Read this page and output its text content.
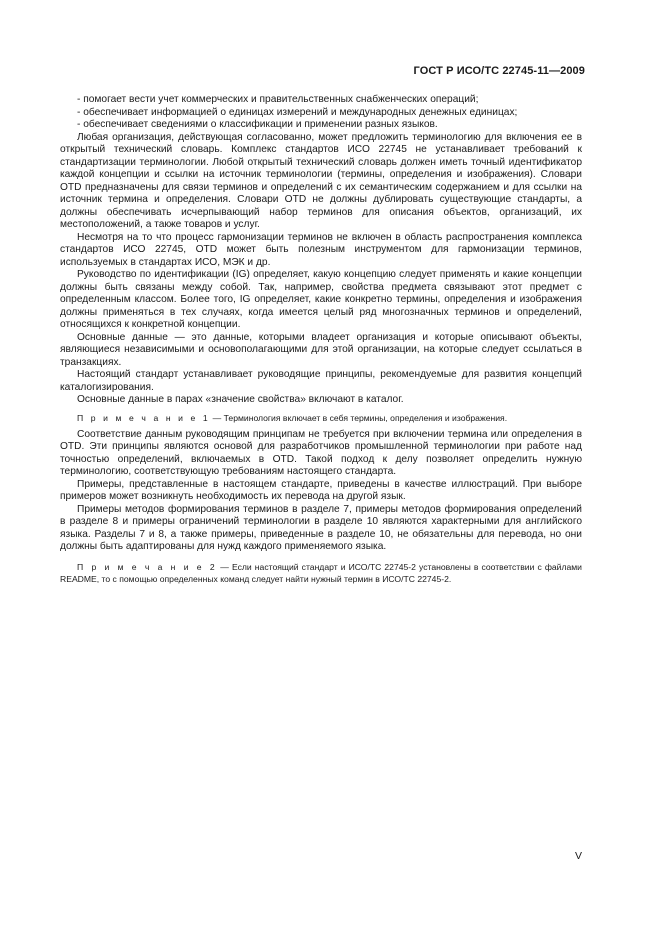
ГОСТ Р ИСО/ТС 22745-11—2009

- помогает вести учет коммерческих и правительственных снабженческих операций;

- обеспечивает информацией о единицах измерений и международных денежных единицах;

- обеспечивает сведениями о классификации и применении разных языков.

Любая организация, действующая согласованно, может предложить терминологию для включения ее в открытый технический словарь. Комплекс стандартов ИСО 22745 не устанавливает требований к стандартизации терминологии. Любой открытый технический словарь должен иметь точный идентификатор каждой концепции и ссылки на источник терминологии (термины, определения и изображения). Словари OTD предназначены для связи терминов и определений с их семантическим содержанием и для ссылки на источник термина и определения. Словари OTD не должны дублировать существующие стандарты, а должны обеспечивать исчерпывающий набор терминов для описания объектов, организаций, их местоположений, а также товаров и услуг.

Несмотря на то что процесс гармонизации терминов не включен в область распространения комплекса стандартов ИСО 22745, OTD может быть полезным инструментом для гармонизации терминов, используемых в стандартах ИСО, МЭК и др.

Руководство по идентификации (IG) определяет, какую концепцию следует применять и какие концепции должны быть связаны между собой. Так, например, свойства предмета связывают этот предмет с определенным классом. Более того, IG определяет, какие конкретно термины, определения и изображения должны применяться в тех случаях, когда имеется целый ряд многозначных терминов и определений, относящихся к конкретной концепции.

Основные данные — это данные, которыми владеет организация и которые описывают объекты, являющиеся независимыми и основополагающими для этой организации, на которые следует ссылаться в транзакциях.

Настоящий стандарт устанавливает руководящие принципы, рекомендуемые для развития концепций каталогизирования.

Основные данные в парах «значение свойства» включают в каталог.

П р и м е ч а н и е 1 — Терминология включает в себя термины, определения и изображения.

Соответствие данным руководящим принципам не требуется при включении термина или определения в OTD. Эти принципы являются основой для разработчиков промышленной терминологии при работе над точностью определений, включаемых в OTD. Такой подход к делу позволяет определить нужную терминологию, соответствующую требованиям настоящего стандарта.

Примеры, представленные в настоящем стандарте, приведены в качестве иллюстраций. При выборе примеров может возникнуть необходимость их перевода на другой язык.

Примеры методов формирования терминов в разделе 7, примеры методов формирования определений в разделе 8 и примеры ограничений терминологии в разделе 10 являются характерными для английского языка. Разделы 7 и 8, а также примеры, приведенные в разделе 10, не обязательны для перевода, но они должны быть адаптированы для нужд каждого применяемого языка.

П р и м е ч а н и е 2 — Если настоящий стандарт и ИСО/ТС 22745-2 установлены в соответствии с файлами README, то с помощью определенных команд следует найти нужный термин в ИСО/ТС 22745-2.

V
